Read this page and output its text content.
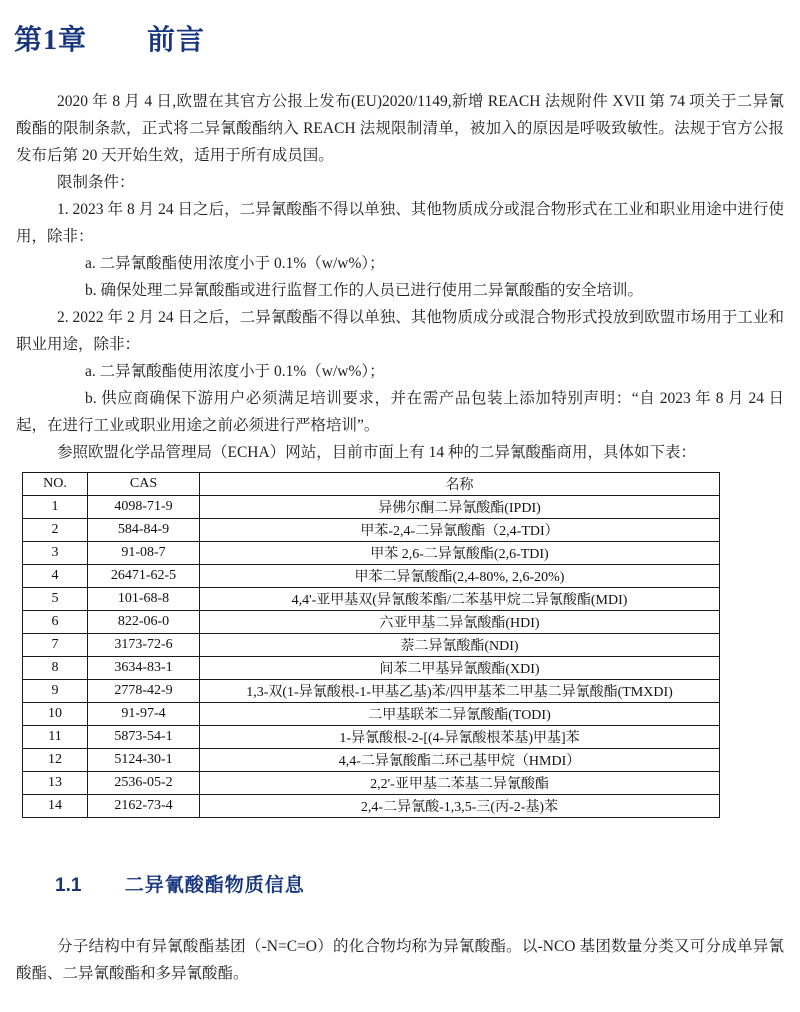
第1章 前言

2020 年 8 月 4 日,欧盟在其官方公报上发布(EU)2020/1149,新增 REACH 法规附件 XVII 第 74 项关于二异氰酸酯的限制条款，正式将二异氰酸酯纳入 REACH 法规限制清单，被加入的原因是呼吸致敏性。法规于官方公报发布后第 20 天开始生效，适用于所有成员国。

限制条件：

1. 2023 年 8 月 24 日之后，二异氰酸酯不得以单独、其他物质成分或混合物形式在工业和职业用途中进行使用，除非：

a. 二异氰酸酯使用浓度小于 0.1%（w/w%）；

b. 确保处理二异氰酸酯或进行监督工作的人员已进行使用二异氰酸酯的安全培训。

2. 2022 年 2 月 24 日之后，二异氰酸酯不得以单独、其他物质成分或混合物形式投放到欧盟市场用于工业和职业用途，除非：

a. 二异氰酸酯使用浓度小于 0.1%（w/w%）；

b. 供应商确保下游用户必须满足培训要求，并在需产品包装上添加特别声明：“自 2023 年 8 月 24 日起，在进行工业或职业用途之前必须进行严格培训”。

参照欧盟化学品管理局（ECHA）网站，目前市面上有 14 种的二异氰酸酯商用，具体如下表：

NO.	CAS	名称
1	4098-71-9	异佛尔酮二异氰酸酯(IPDI)
2	584-84-9	甲苯-2,4-二异氰酸酯（2,4-TDI）
3	91-08-7	甲苯 2,6-二异氰酸酯(2,6-TDI)
4	26471-62-5	甲苯二异氰酸酯(2,4-80%, 2,6-20%)
5	101-68-8	4,4'-亚甲基双(异氰酸苯酯/二苯基甲烷二异氰酸酯(MDI)
6	822-06-0	六亚甲基二异氰酸酯(HDI)
7	3173-72-6	萘二异氰酸酯(NDI)
8	3634-83-1	间苯二甲基异氰酸酯(XDI)
9	2778-42-9	1,3-双(1-异氰酸根-1-甲基乙基)苯/四甲基苯二甲基二异氰酸酯(TMXDI)
10	91-97-4	二甲基联苯二异氰酸酯(TODI)
11	5873-54-1	1-异氰酸根-2-[(4-异氰酸根苯基)甲基]苯
12	5124-30-1	4,4-二异氰酸酯二环己基甲烷（HMDI）
13	2536-05-2	2,2'-亚甲基二苯基二异氰酸酯
14	2162-73-4	2,4-二异氰酸-1,3,5-三(丙-2-基)苯
1.1 二异氰酸酯物质信息

分子结构中有异氰酸酯基团（-N=C=O）的化合物均称为异氰酸酯。以-NCO 基团数量分类又可分成单异氰酸酯、二异氰酸酯和多异氰酸酯。
